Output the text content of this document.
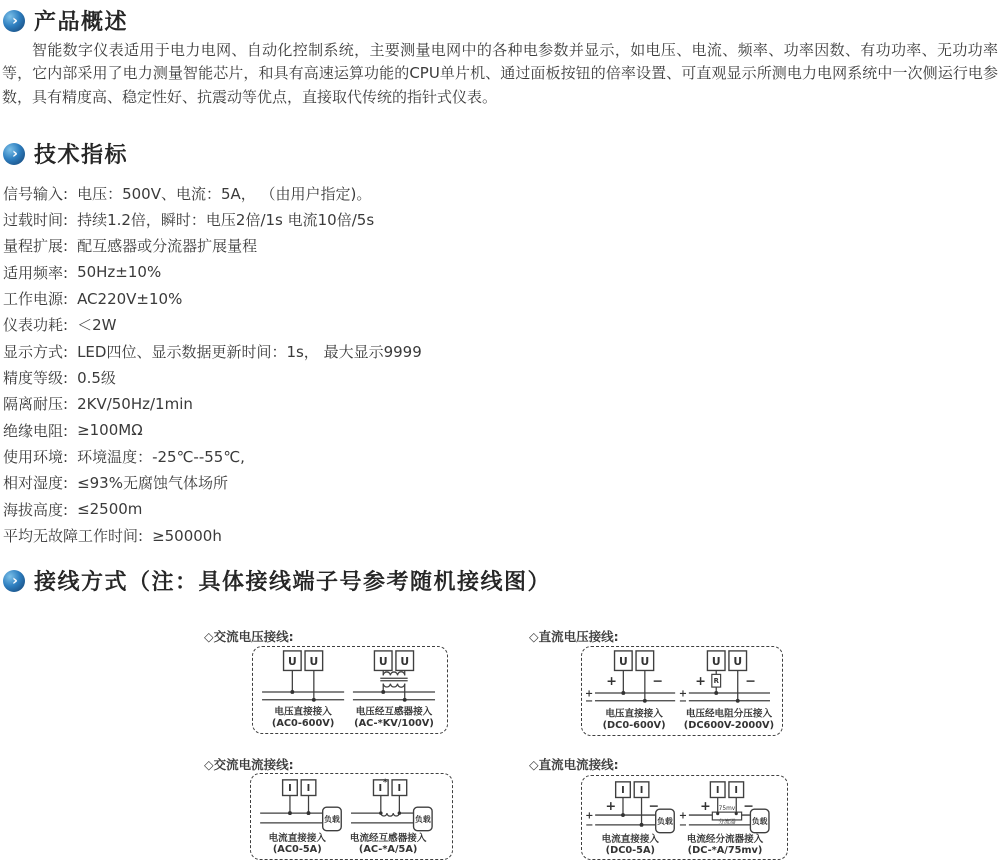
› 产品概述

智能数字仪表适用于电力电网、自动化控制系统，主要测量电网中的各种电参数并显示，如电压、电流、频率、功率因数、有功功率、无功功率等，它内部采用了电力测量智能芯片，和具有高速运算功能的CPU单片机、通过面板按钮的倍率设置、可直观显示所测电力电网系统中一次侧运行电参数，具有精度高、稳定性好、抗震动等优点，直接取代传统的指针式仪表。

› 技术指标
信号输入: 电压：500V、电流：5A， （由用户指定)。
过载时间: 持续1.2倍，瞬时：电压2倍/1s 电流10倍/5s
量程扩展: 配互感器或分流器扩展量程
适用频率: 50Hz±10%
工作电源: AC220V±10%
仪表功耗: ＜2W
显示方式: LED四位、显示数据更新时间：1s， 最大显示9999
精度等级: 0.5级
隔离耐压: 2KV/50Hz/1min
绝缘电阻: ≥100MΩ
使用环境: 环境温度：-25℃--55℃,
相对湿度: ≤93%无腐蚀气体场所
海拔高度: ≤2500m
平均无故障工作时间: ≥50000h
› 接线方式（注：具体接线端子号参考随机接线图）
◇交流电压接线:
U U	U U
电压直接接入
(AC0-600V)
电压经互感器接入
(AC-*KV/100V)
◇直流电压接线:
U U	U U
+	− +	−
R
+
−
+
−
电压直接接入
(DC0-600V)
电压经电阻分压接入
(DC600V-2000V)
◇交流电流接线:
I I	I I
*
负载	负载
电流直接接入
(AC0-5A)
电流经互感器接入
(AC-*A/5A)
◇直流电流接线:
I I	I I
+ −	+ −
+
−
+
−
75mv
分流器
负载	负载
电流直接接入
(DC0-5A)
电流经分流器接入
(DC-*A/75mv)
